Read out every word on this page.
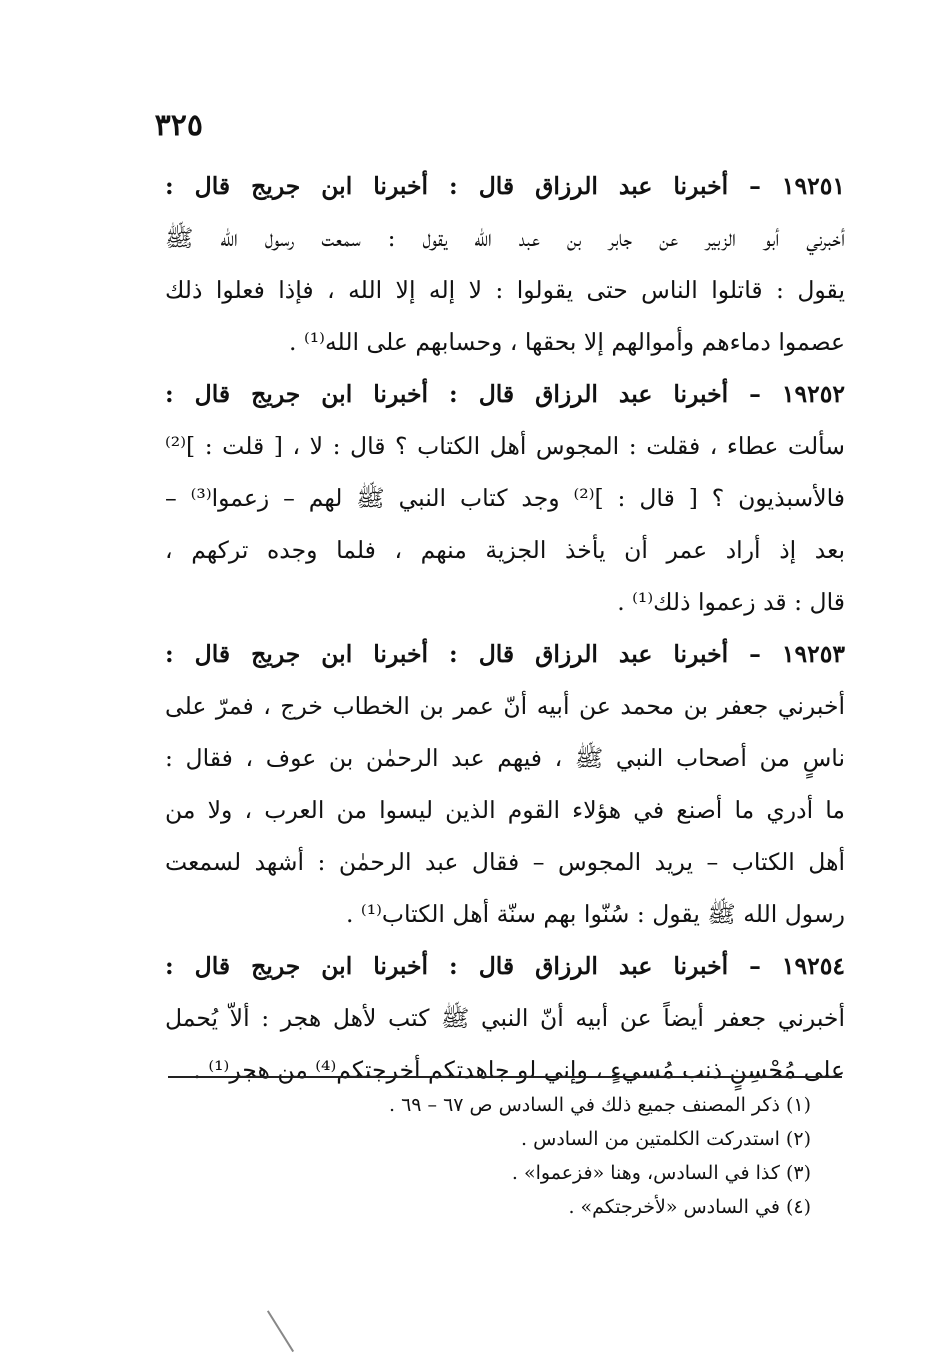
٣٢٥
١٩٢٥١ – أخبرنا عبد الرزاق قال : أخبرنا ابن جريج قال :
أخبرني أبو الزبير عن جابر بن عبد الله يقول : سمعت رسول الله ﷺ
يقول : قاتلوا الناس حتى يقولوا : لا إله إلا الله ، فإذا فعلوا ذلك
عصموا دماءهم وأموالهم إلا بحقها ، وحسابهم على الله⁽¹⁾ .
١٩٢٥٢ – أخبرنا عبد الرزاق قال : أخبرنا ابن جريج قال :
سألت عطاء ، فقلت : المجوس أهل الكتاب ؟ قال : لا ، [ قلت : ]⁽²⁾
فالأسبذيون ؟ [ قال : ]⁽²⁾ وجد كتاب النبي ﷺ لهم – زعموا⁽³⁾ –
بعد إذ أراد عمر أن يأخذ الجزية منهم ، فلما وجده تركهم ،
قال : قد زعموا ذلك⁽¹⁾ .
١٩٢٥٣ – أخبرنا عبد الرزاق قال : أخبرنا ابن جريج قال :
أخبرني جعفر بن محمد عن أبيه أنّ عمر بن الخطاب خرج ، فمرّ على
ناسٍ من أصحاب النبي ﷺ ، فيهم عبد الرحمٰن بن عوف ، فقال :
ما أدري ما أصنع في هؤلاء القوم الذين ليسوا من العرب ، ولا من
أهل الكتاب – يريد المجوس – فقال عبد الرحمٰن : أشهد لسمعت
رسول الله ﷺ يقول : سُنّوا بهم سنّة أهل الكتاب⁽¹⁾ .
١٩٢٥٤ – أخبرنا عبد الرزاق قال : أخبرنا ابن جريج قال :
أخبرني جعفر أيضاً عن أبيه أنّ النبي ﷺ كتب لأهل هجر : ألاّ يُحمل
على مُحْسِنٍ ذنب مُسيءٍ ، وإني لو جاهدتكم أخرجتكم⁽⁴⁾ من هجر⁽¹⁾ .
(١) ذكر المصنف جميع ذلك في السادس ص ٦٧ – ٦٩ .
(٢) استدركت الكلمتين من السادس .
(٣) كذا في السادس، وهنا «فزعموا» .
(٤) في السادس «لأخرجتكم» .
